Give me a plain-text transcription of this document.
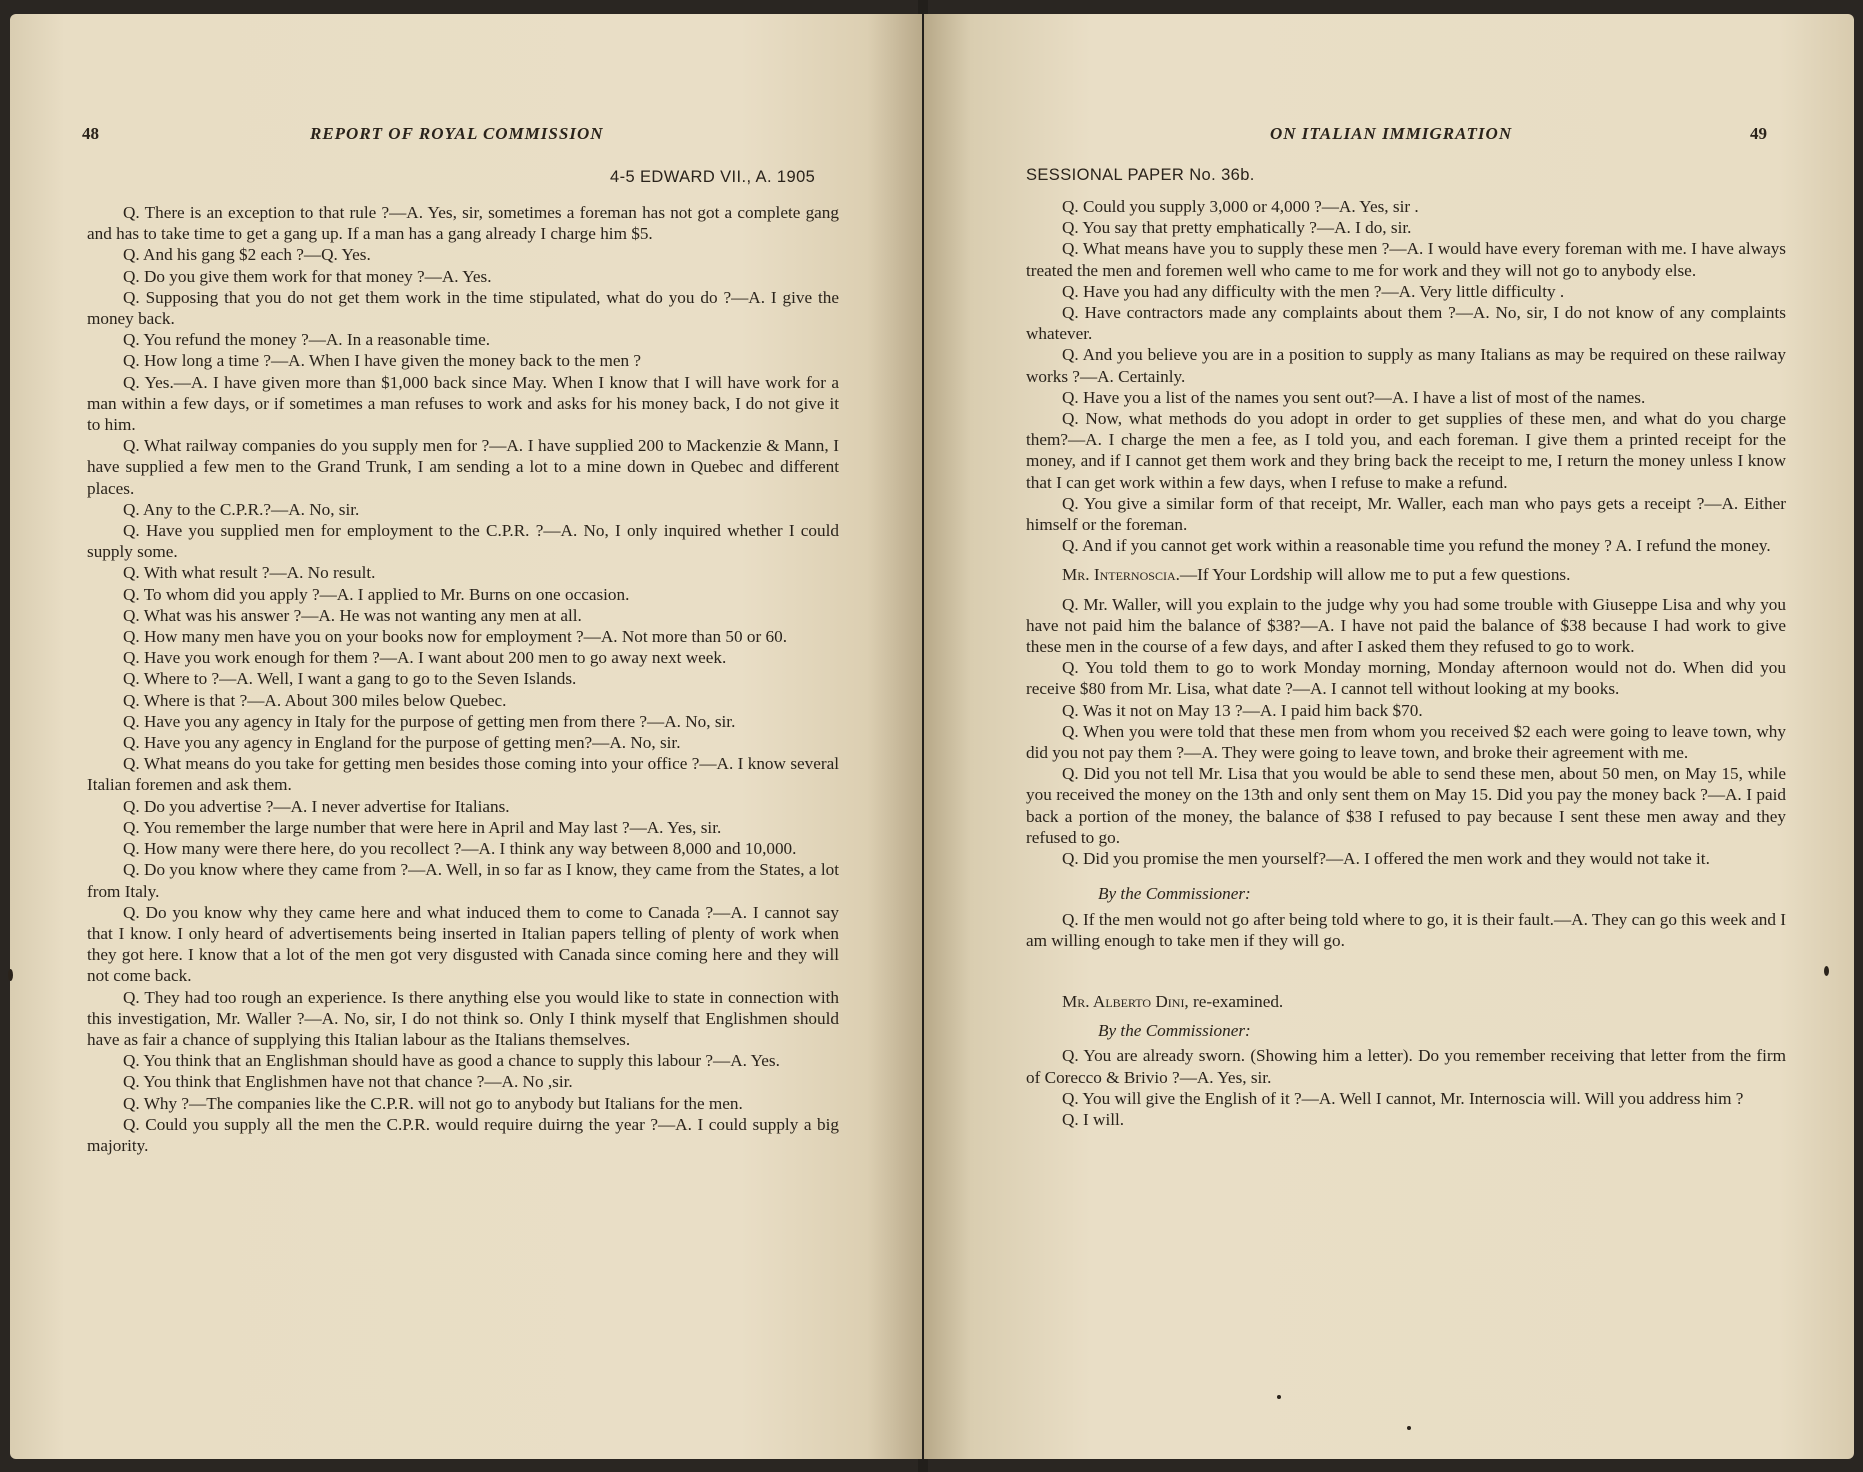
48	REPORT OF ROYAL COMMISSION
4-5 EDWARD VII., A. 1905

Q. There is an exception to that rule ?—A. Yes, sir, sometimes a foreman has not got a complete gang and has to take time to get a gang up. If a man has a gang already I charge him $5.

Q. And his gang $2 each ?—Q. Yes.

Q. Do you give them work for that money ?—A. Yes.

Q. Supposing that you do not get them work in the time stipulated, what do you do ?—A. I give the money back.

Q. You refund the money ?—A. In a reasonable time.

Q. How long a time ?—A. When I have given the money back to the men ?

Q. Yes.—A. I have given more than $1,000 back since May. When I know that I will have work for a man within a few days, or if sometimes a man refuses to work and asks for his money back, I do not give it to him.

Q. What railway companies do you supply men for ?—A. I have supplied 200 to Mackenzie & Mann, I have supplied a few men to the Grand Trunk, I am sending a lot to a mine down in Quebec and different places.

Q. Any to the C.P.R.?—A. No, sir.

Q. Have you supplied men for employment to the C.P.R. ?—A. No, I only inquired whether I could supply some.

Q. With what result ?—A. No result.

Q. To whom did you apply ?—A. I applied to Mr. Burns on one occasion.

Q. What was his answer ?—A. He was not wanting any men at all.

Q. How many men have you on your books now for employment ?—A. Not more than 50 or 60.

Q. Have you work enough for them ?—A. I want about 200 men to go away next week.

Q. Where to ?—A. Well, I want a gang to go to the Seven Islands.

Q. Where is that ?—A. About 300 miles below Quebec.

Q. Have you any agency in Italy for the purpose of getting men from there ?—A. No, sir.

Q. Have you any agency in England for the purpose of getting men?—A. No, sir.

Q. What means do you take for getting men besides those coming into your office ?—A. I know several Italian foremen and ask them.

Q. Do you advertise ?—A. I never advertise for Italians.

Q. You remember the large number that were here in April and May last ?—A. Yes, sir.

Q. How many were there here, do you recollect ?—A. I think any way between 8,000 and 10,000.

Q. Do you know where they came from ?—A. Well, in so far as I know, they came from the States, a lot from Italy.

Q. Do you know why they came here and what induced them to come to Canada ?—A. I cannot say that I know. I only heard of advertisements being inserted in Italian papers telling of plenty of work when they got here. I know that a lot of the men got very disgusted with Canada since coming here and they will not come back.

Q. They had too rough an experience. Is there anything else you would like to state in connection with this investigation, Mr. Waller ?—A. No, sir, I do not think so. Only I think myself that Englishmen should have as fair a chance of supplying this Italian labour as the Italians themselves.

Q. You think that an Englishman should have as good a chance to supply this labour ?—A. Yes.

Q. You think that Englishmen have not that chance ?—A. No ,sir.

Q. Why ?—The companies like the C.P.R. will not go to anybody but Italians for the men.

Q. Could you supply all the men the C.P.R. would require duirng the year ?—A. I could supply a big majority.

ON ITALIAN IMMIGRATION	49
SESSIONAL PAPER No. 36b.

Q. Could you supply 3,000 or 4,000 ?—A. Yes, sir .

Q. You say that pretty emphatically ?—A. I do, sir.

Q. What means have you to supply these men ?—A. I would have every foreman with me. I have always treated the men and foremen well who came to me for work and they will not go to anybody else.

Q. Have you had any difficulty with the men ?—A. Very little difficulty .

Q. Have contractors made any complaints about them ?—A. No, sir, I do not know of any complaints whatever.

Q. And you believe you are in a position to supply as many Italians as may be required on these railway works ?—A. Certainly.

Q. Have you a list of the names you sent out?—A. I have a list of most of the names.

Q. Now, what methods do you adopt in order to get supplies of these men, and what do you charge them?—A. I charge the men a fee, as I told you, and each foreman. I give them a printed receipt for the money, and if I cannot get them work and they bring back the receipt to me, I return the money unless I know that I can get work within a few days, when I refuse to make a refund.

Q. You give a similar form of that receipt, Mr. Waller, each man who pays gets a receipt ?—A. Either himself or the foreman.

Q. And if you cannot get work within a reasonable time you refund the money ? A. I refund the money.

Mr. Internoscia.—If Your Lordship will allow me to put a few questions.

Q. Mr. Waller, will you explain to the judge why you had some trouble with Giuseppe Lisa and why you have not paid him the balance of $38?—A. I have not paid the balance of $38 because I had work to give these men in the course of a few days, and after I asked them they refused to go to work.

Q. You told them to go to work Monday morning, Monday afternoon would not do. When did you receive $80 from Mr. Lisa, what date ?—A. I cannot tell without looking at my books.

Q. Was it not on May 13 ?—A. I paid him back $70.

Q. When you were told that these men from whom you received $2 each were going to leave town, why did you not pay them ?—A. They were going to leave town, and broke their agreement with me.

Q. Did you not tell Mr. Lisa that you would be able to send these men, about 50 men, on May 15, while you received the money on the 13th and only sent them on May 15. Did you pay the money back ?—A. I paid back a portion of the money, the balance of $38 I refused to pay because I sent these men away and they refused to go.

Q. Did you promise the men yourself?—A. I offered the men work and they would not take it.

By the Commissioner:

Q. If the men would not go after being told where to go, it is their fault.—A. They can go this week and I am willing enough to take men if they will go.

Mr. Alberto Dini, re-examined.

By the Commissioner:

Q. You are already sworn. (Showing him a letter). Do you remember receiving that letter from the firm of Corecco & Brivio ?—A. Yes, sir.

Q. You will give the English of it ?—A. Well I cannot, Mr. Internoscia will. Will you address him ?

Q. I will.
